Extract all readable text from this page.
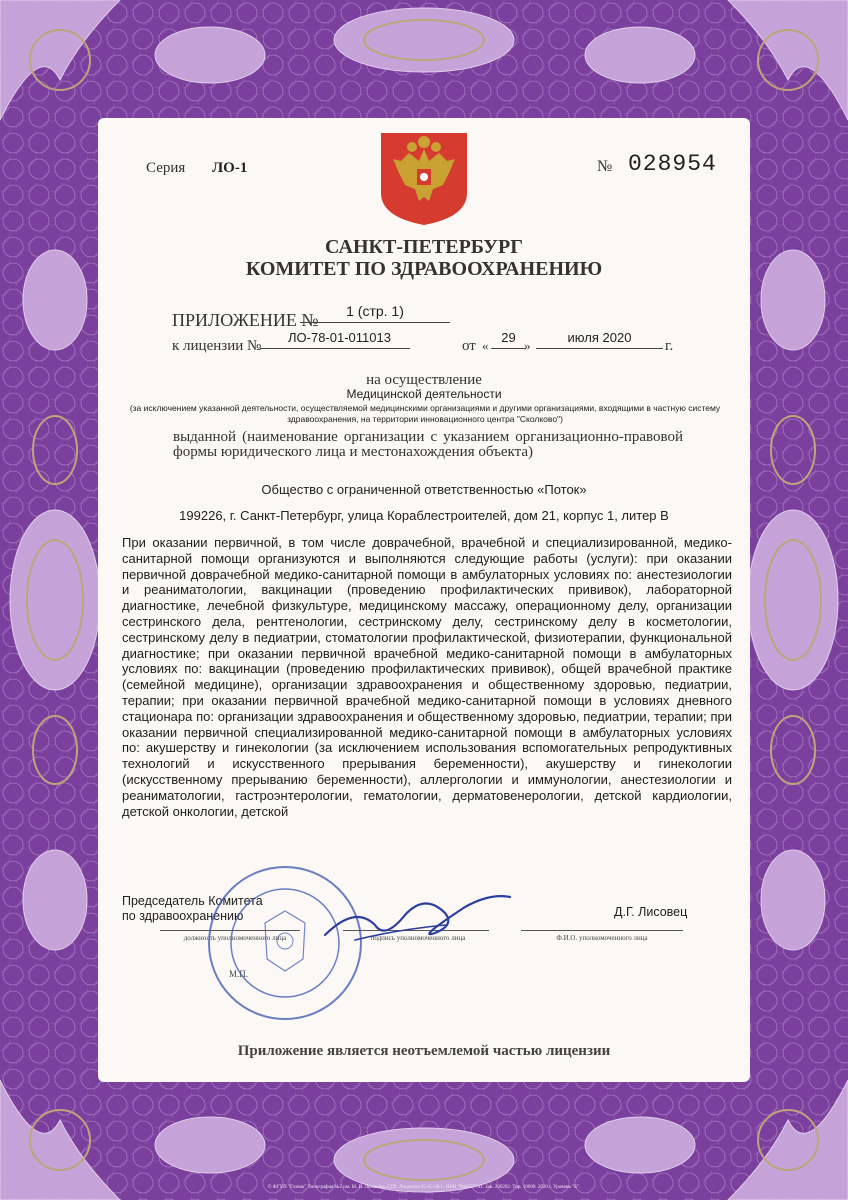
Серия ЛО-1	№ 028954
САНКТ-ПЕТЕРБУРГ
КОМИТЕТ ПО ЗДРАВООХРАНЕНИЮ
ПРИЛОЖЕНИЕ №	1 (стр. 1)
к лицензии №
ЛО-78-01-011013
от «
29
»
июля 2020
г.
на осуществление
Медицинской деятельности
(за исключением указанной деятельности, осуществляемой медицинскими организациями и другими организациями, входящими в частную систему здравоохранения, на территории инновационного центра "Сколково")
выданной (наименование организации с указанием организационно-правовой формы юридического лица и местонахождения объекта)
Общество с ограниченной ответственностью «Поток»
199226, г. Санкт-Петербург, улица Кораблестроителей, дом 21, корпус 1, литер В
При оказании первичной, в том числе доврачебной, врачебной и специализированной, медико-санитарной помощи организуются и выполняются следующие работы (услуги): при оказании первичной доврачебной медико-санитарной помощи в амбулаторных условиях по: анестезиологии и реаниматологии, вакцинации (проведению профилактических прививок), лабораторной диагностике, лечебной физкультуре, медицинскому массажу, операционному делу, организации сестринского дела, рентгенологии, сестринскому делу, сестринскому делу в косметологии, сестринскому делу в педиатрии, стоматологии профилактической, физиотерапии, функциональной диагностике; при оказании первичной врачебной медико-санитарной помощи в амбулаторных условиях по: вакцинации (проведению профилактических прививок), общей врачебной практике (семейной медицине), организации здравоохранения и общественному здоровью, педиатрии, терапии; при оказании первичной врачебной медико-санитарной помощи в условиях дневного стационара по: организации здравоохранения и общественному здоровью, педиатрии, терапии; при оказании первичной специализированной медико-санитарной помощи в амбулаторных условиях по: акушерству и гинекологии (за исключением использования вспомогательных репродуктивных технологий и искусственного прерывания беременности), акушерству и гинекологии (искусственному прерыванию беременности), аллергологии и иммунологии, анестезиологии и реаниматологии, гастроэнтерологии, гематологии, дерматовенерологии, детской кардиологии, детской онкологии, детской
Председатель Комитета
по здравоохранению	Д.Г. Лисовец
должность уполномоченного лица	подпись уполномоченного лица	Ф.И.О. уполномоченного лица
М.П.
Приложение является неотъемлемой частью лицензии
© ФГУП "Гознак" Типография №2 им. М. И. Лоханова. СПб. Лицензия 05-05-09/1. ИНН 7808037741. Зак. 200202. Тир. 10000. 2020 г. Уровень "Б".
